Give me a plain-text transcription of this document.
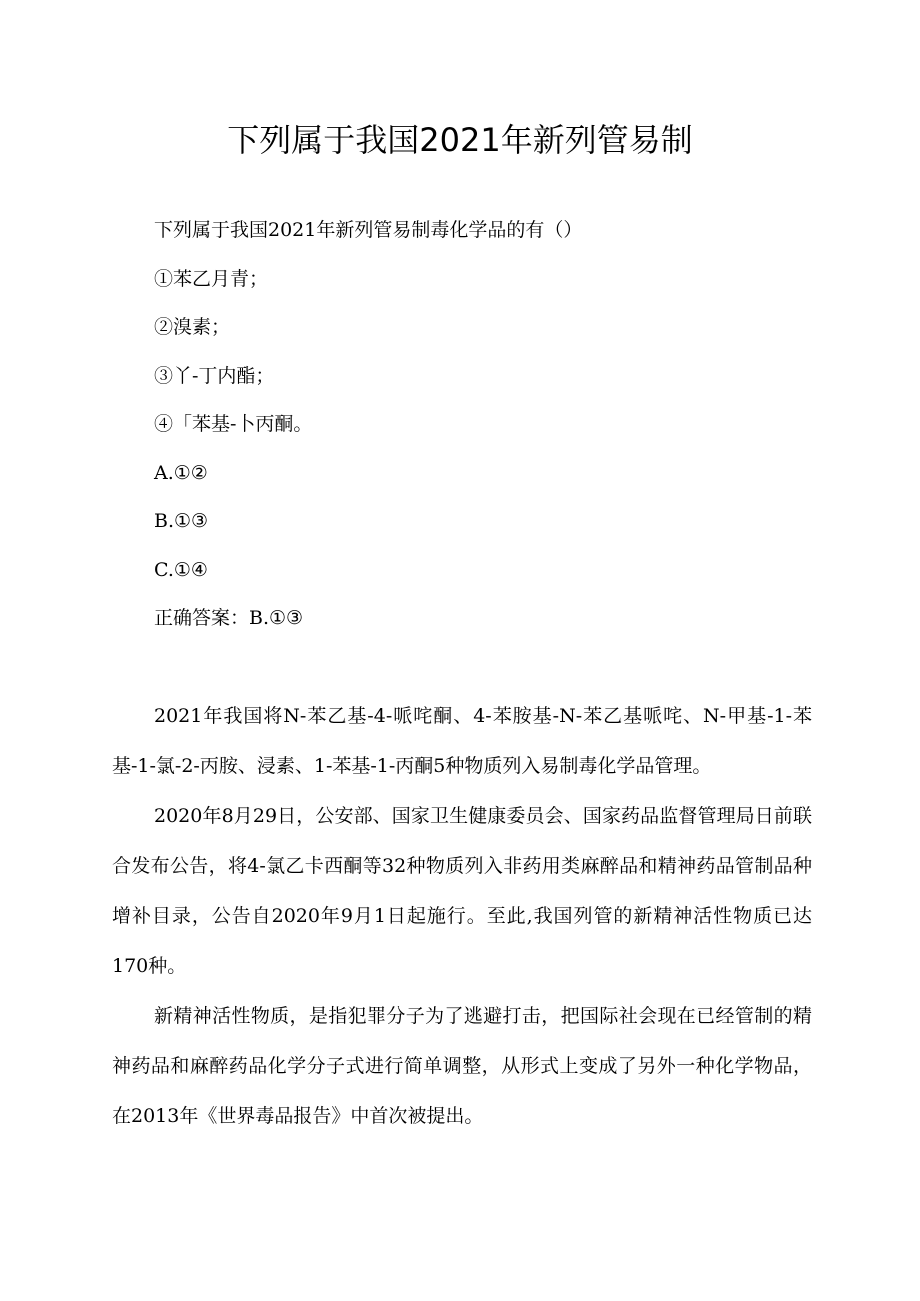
下列属于我国2021年新列管易制
下列属于我国2021年新列管易制毒化学品的有（）
①苯乙月青；
②溴素；
③丫-丁内酯；
④「苯基-卜丙酮。
A.①②
B.①③
C.①④
正确答案：B.①③

2021年我国将N-苯乙基-4-哌咤酮、4-苯胺基-N-苯乙基哌咤、N-甲基-1-苯基-1-氯-2-丙胺、浸素、1-苯基-1-丙酮5种物质列入易制毒化学品管理。

2020年8月29日，公安部、国家卫生健康委员会、国家药品监督管理局日前联合发布公告，将4-氯乙卡西酮等32种物质列入非药用类麻醉品和精神药品管制品种增补目录，公告自2020年9月1日起施行。至此,我国列管的新精神活性物质已达170种。

新精神活性物质，是指犯罪分子为了逃避打击，把国际社会现在已经管制的精神药品和麻醉药品化学分子式进行简单调整，从形式上变成了另外一种化学物品，在2013年《世界毒品报告》中首次被提出。
